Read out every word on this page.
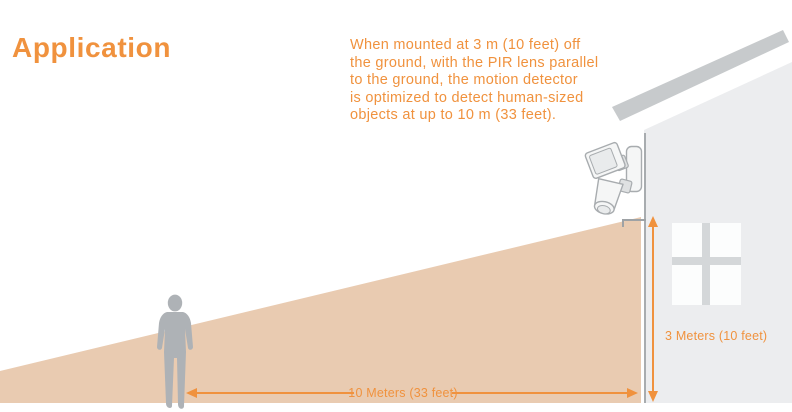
Application	When mounted at 3 m (10 feet) off
the ground, with the PIR lens parallel
to the ground, the motion detector
is optimized to detect human-sized
objects at up to 10 m (33 feet).
10 Meters (33 feet)
3 Meters (10 feet)
